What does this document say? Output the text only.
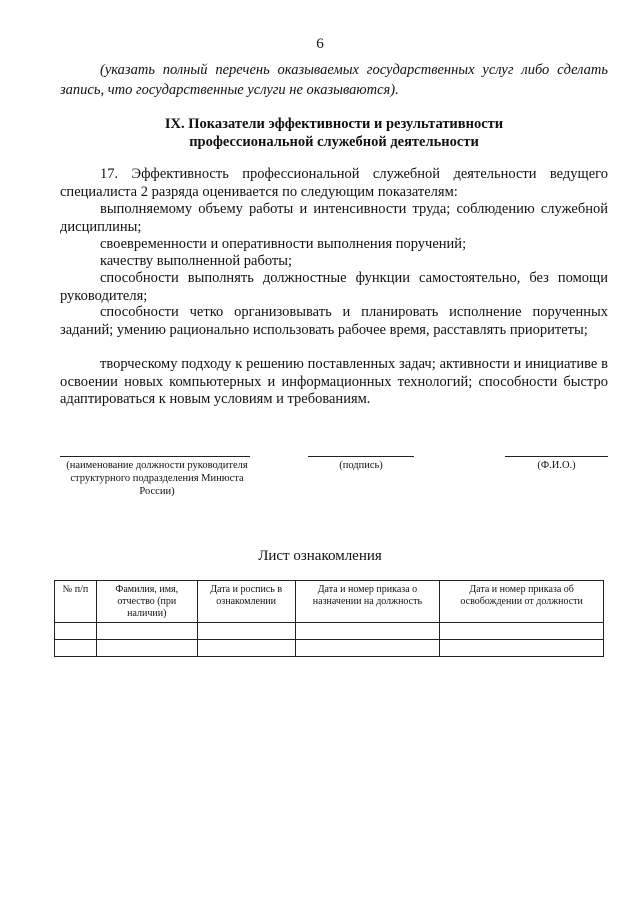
6
(указать полный перечень оказываемых государственных услуг либо сделать запись, что государственные услуги не оказываются).
IX. Показатели эффективности и результативности
профессиональной служебной деятельности
17. Эффективность профессиональной служебной деятельности ведущего специалиста 2 разряда оценивается по следующим показателям:
выполняемому объему работы и интенсивности труда; соблюдению служебной дисциплины;
своевременности и оперативности выполнения поручений;
качеству выполненной работы;
способности выполнять должностные функции самостоятельно, без помощи руководителя;
способности четко организовывать и планировать исполнение порученных заданий; умению рационально использовать рабочее время, расставлять приоритеты;
творческому подходу к решению поставленных задач; активности и инициативе в освоении новых компьютерных и информационных технологий; способности быстро адаптироваться к новым условиям и требованиям.
(наименование должности руководителя структурного подразделения Минюста России)
(подпись)	(Ф.И.О.)
Лист ознакомления
№ п/п	Фамилия, имя, отчество (при наличии)	Дата и роспись в ознакомлении	Дата и номер приказа о назначении на должность	Дата и номер приказа об освобождении от должности
